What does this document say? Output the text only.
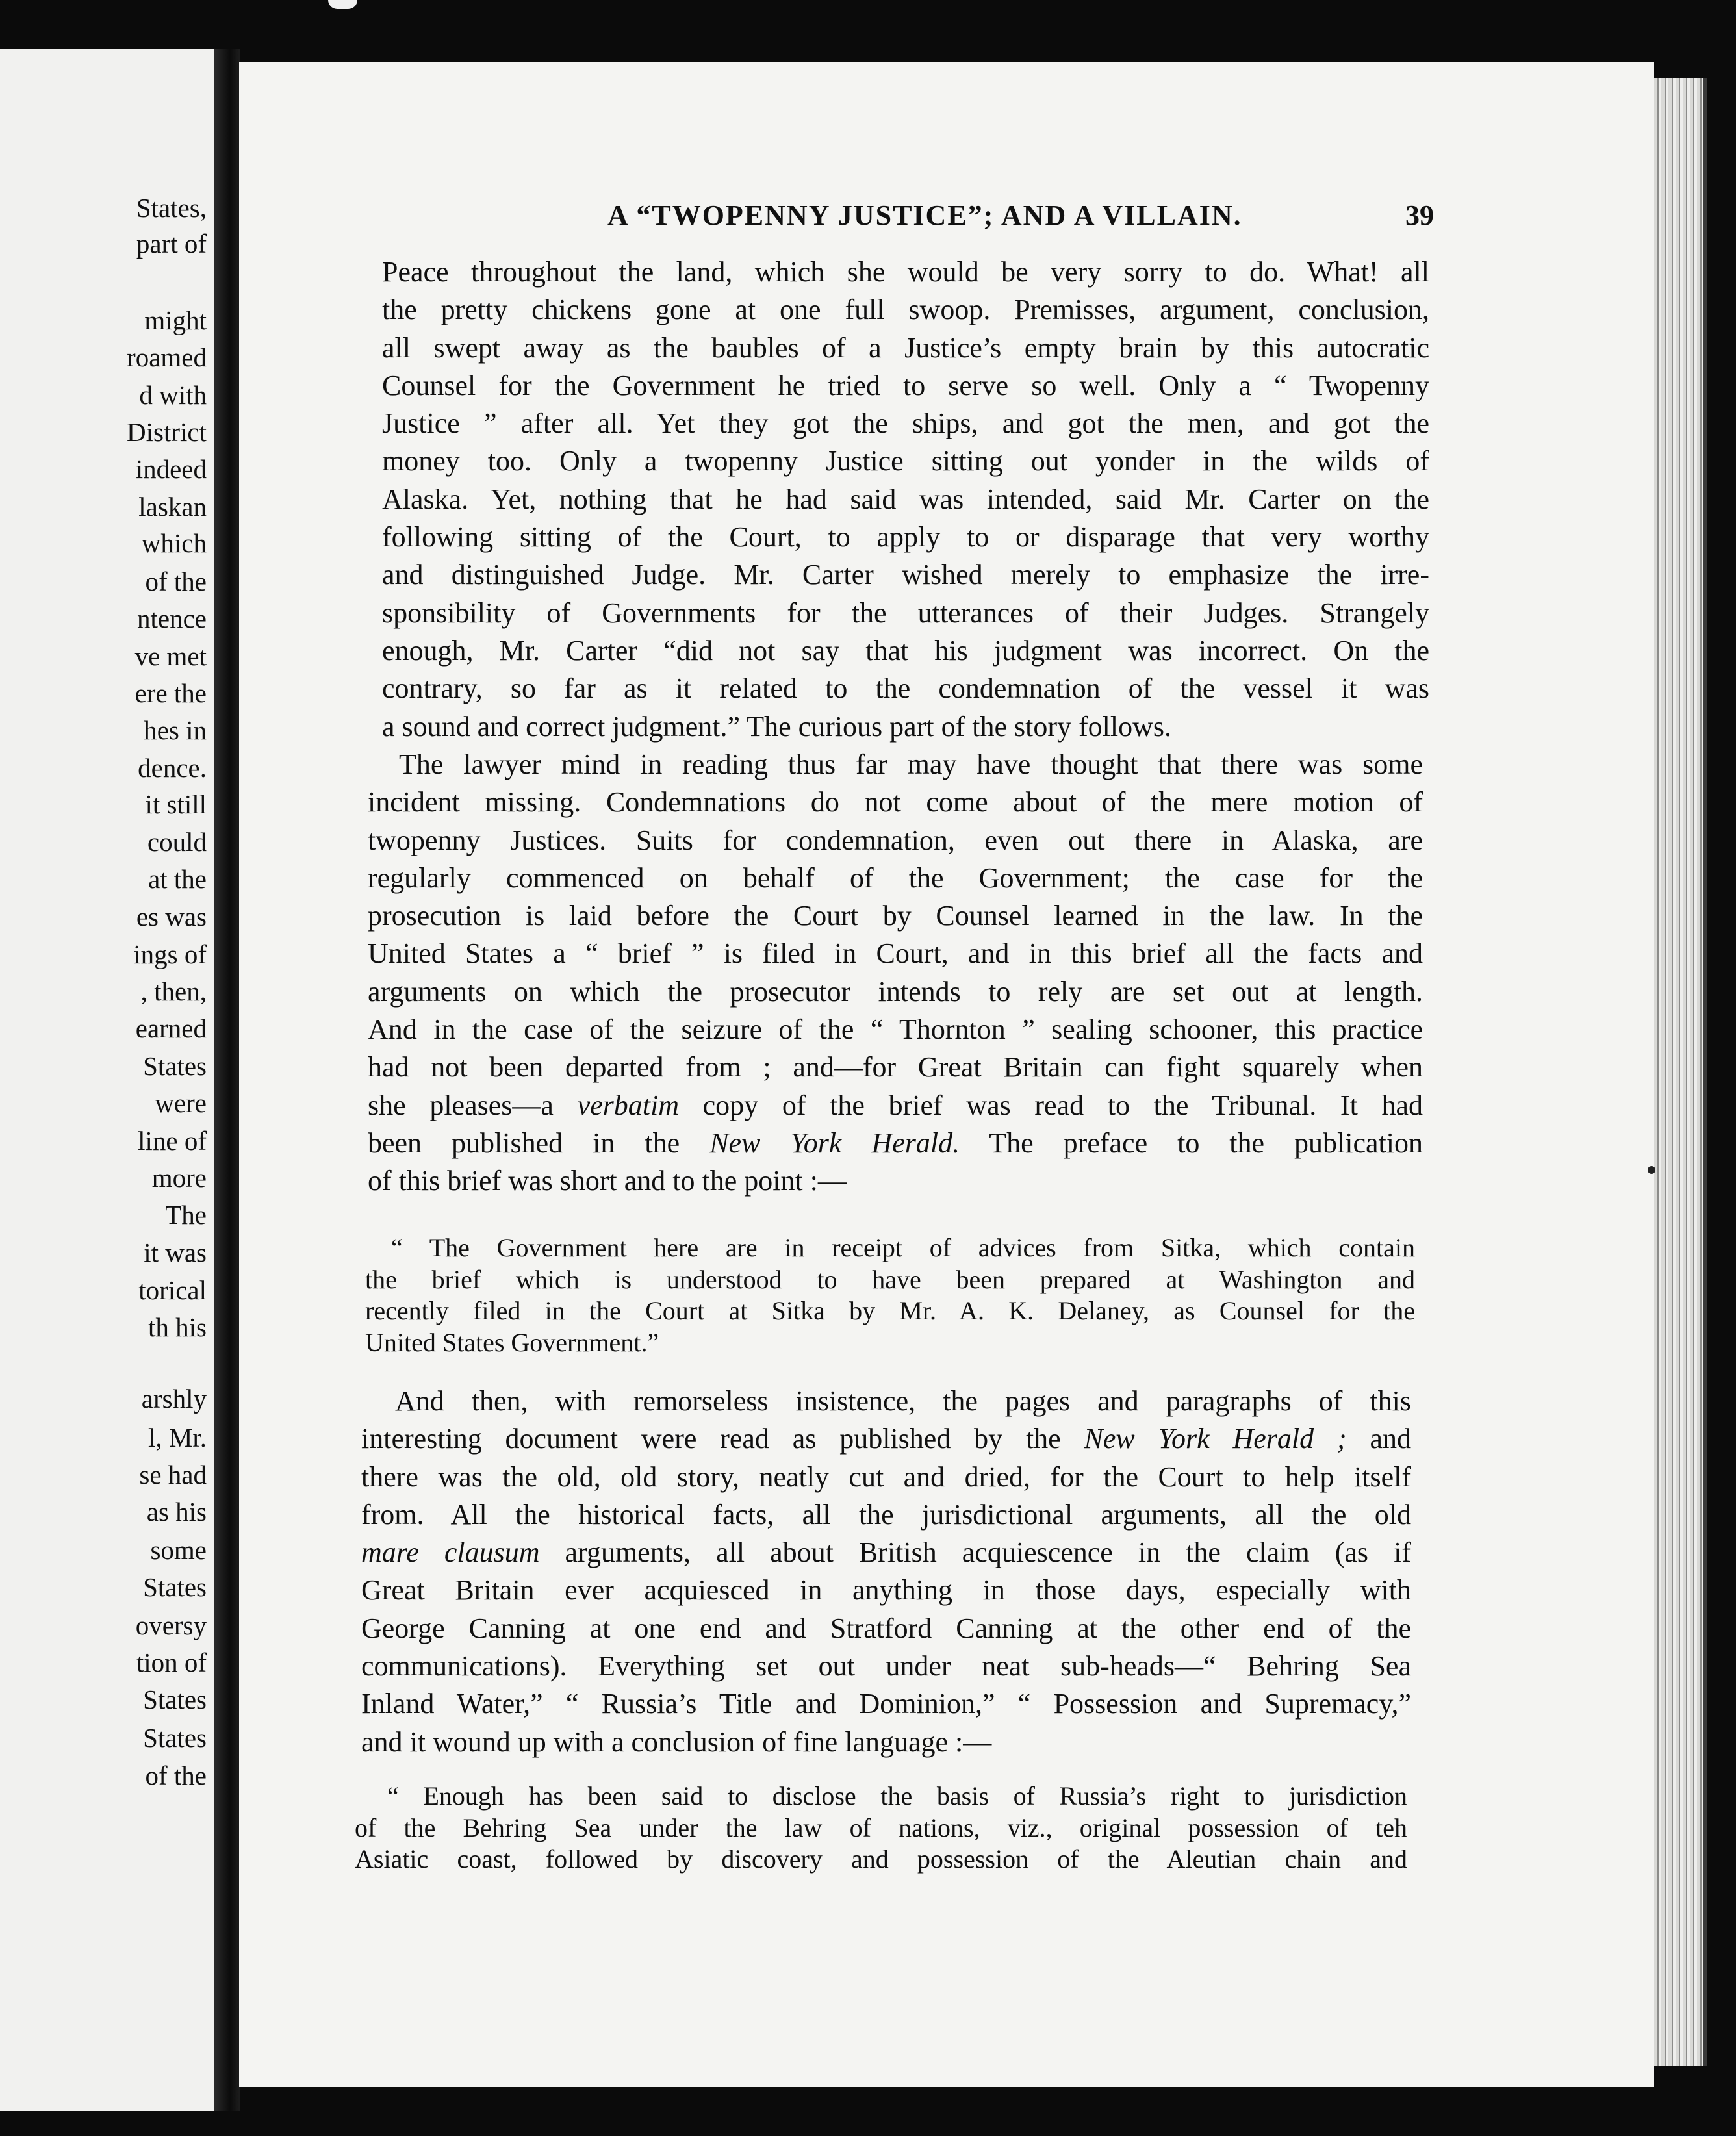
States,
part of
might
roamed
d with
District
indeed
laskan
which
of the
ntence
ve met
ere the
hes in
dence.
it still
could
at the
es was
ings of
, then,
earned
States
were
line of
more
The
it was
torical
th his
arshly
l, Mr.
se had
as his
some
States
oversy
tion of
States
States
of the
A “TWOPENNY JUSTICE”; AND A VILLAIN.	39
Peace throughout the land, which she would be very sorry to do. What! all
the pretty chickens gone at one full swoop. Premisses, argument, conclusion,
all swept away as the baubles of a Justice’s empty brain by this autocratic
Counsel for the Government he tried to serve so well. Only a “ Twopenny
Justice ” after all. Yet they got the ships, and got the men, and got the
money too. Only a twopenny Justice sitting out yonder in the wilds of
Alaska. Yet, nothing that he had said was intended, said Mr. Carter on the
following sitting of the Court, to apply to or disparage that very worthy
and distinguished Judge. Mr. Carter wished merely to emphasize the irre-
sponsibility of Governments for the utterances of their Judges. Strangely
enough, Mr. Carter “did not say that his judgment was incorrect. On the
contrary, so far as it related to the condemnation of the vessel it was
a sound and correct judgment.” The curious part of the story follows.
The lawyer mind in reading thus far may have thought that there was some
incident missing. Condemnations do not come about of the mere motion of
twopenny Justices. Suits for condemnation, even out there in Alaska, are
regularly commenced on behalf of the Government; the case for the
prosecution is laid before the Court by Counsel learned in the law. In the
United States a “ brief ” is filed in Court, and in this brief all the facts and
arguments on which the prosecutor intends to rely are set out at length.
And in the case of the seizure of the “ Thornton ” sealing schooner, this practice
had not been departed from ; and—for Great Britain can fight squarely when
she pleases—a verbatim copy of the brief was read to the Tribunal. It had
been published in the New York Herald. The preface to the publication
of this brief was short and to the point :—
“ The Government here are in receipt of advices from Sitka, which contain
the brief which is understood to have been prepared at Washington and
recently filed in the Court at Sitka by Mr. A. K. Delaney, as Counsel for the
United States Government.”
And then, with remorseless insistence, the pages and paragraphs of this
interesting document were read as published by the New York Herald ; and
there was the old, old story, neatly cut and dried, for the Court to help itself
from. All the historical facts, all the jurisdictional arguments, all the old
mare clausum arguments, all about British acquiescence in the claim (as if
Great Britain ever acquiesced in anything in those days, especially with
George Canning at one end and Stratford Canning at the other end of the
communications). Everything set out under neat sub-heads—“ Behring Sea
Inland Water,” “ Russia’s Title and Dominion,” “ Possession and Supremacy,”
and it wound up with a conclusion of fine language :—
“ Enough has been said to disclose the basis of Russia’s right to jurisdiction
of the Behring Sea under the law of nations, viz., original possession of teh
Asiatic coast, followed by discovery and possession of the Aleutian chain and
